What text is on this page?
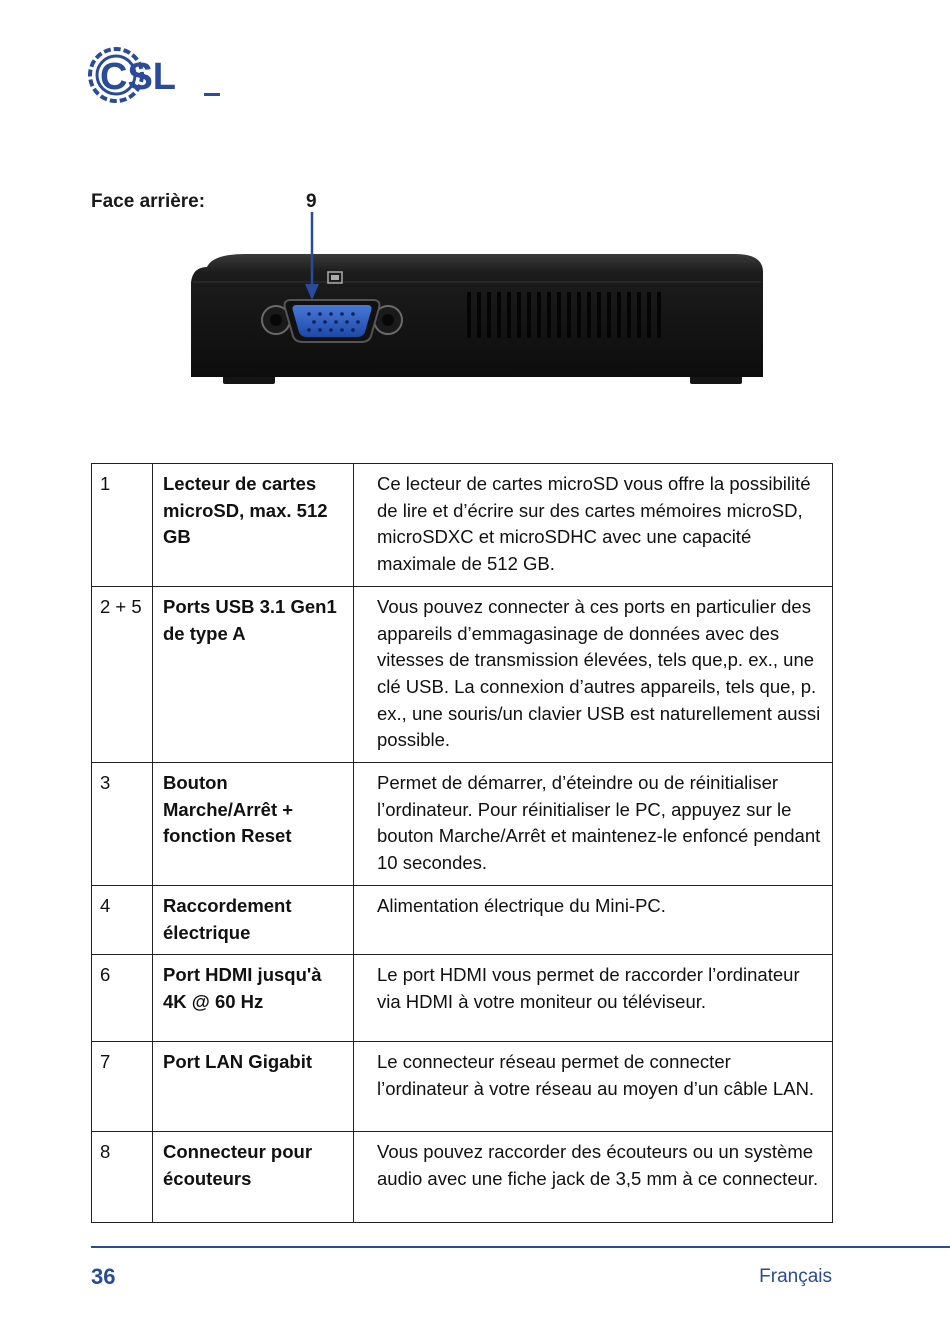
CSL
Face arrière:	9
1	Lecteur de cartes microSD, max. 512 GB	Ce lecteur de cartes microSD vous offre la possibilité de lire et d’écrire sur des cartes mémoires microSD, microSDXC et microSDHC avec une capacité maximale de 512 GB.
2 + 5	Ports USB 3.1 Gen1 de type A	Vous pouvez connecter à ces ports en particulier des appareils d’emmagasinage de données avec des vitesses de transmission élevées, tels que,p. ex., une clé USB. La connexion d’autres appareils, tels que, p. ex., une souris/un clavier USB est naturellement aussi possible.
3	Bouton Marche/Arrêt + fonction Reset	Permet de démarrer, d’éteindre ou de réinitialiser l’ordinateur. Pour réinitialiser le PC, appuyez sur le bouton Marche/Arrêt et maintenez-le enfoncé pendant 10 secondes.
4	Raccordement électrique	Alimentation électrique du Mini-PC.
6	Port HDMI jusqu'à 4K @ 60 Hz	Le port HDMI vous permet de raccorder l’ordinateur via HDMI à votre moniteur ou téléviseur.
7	Port LAN Gigabit	Le connecteur réseau permet de connecter l’ordinateur à votre réseau au moyen d’un câble LAN.
8	Connecteur pour écouteurs	Vous pouvez raccorder des écouteurs ou un système audio avec une fiche jack de 3,5 mm à ce connecteur.
36	Français
